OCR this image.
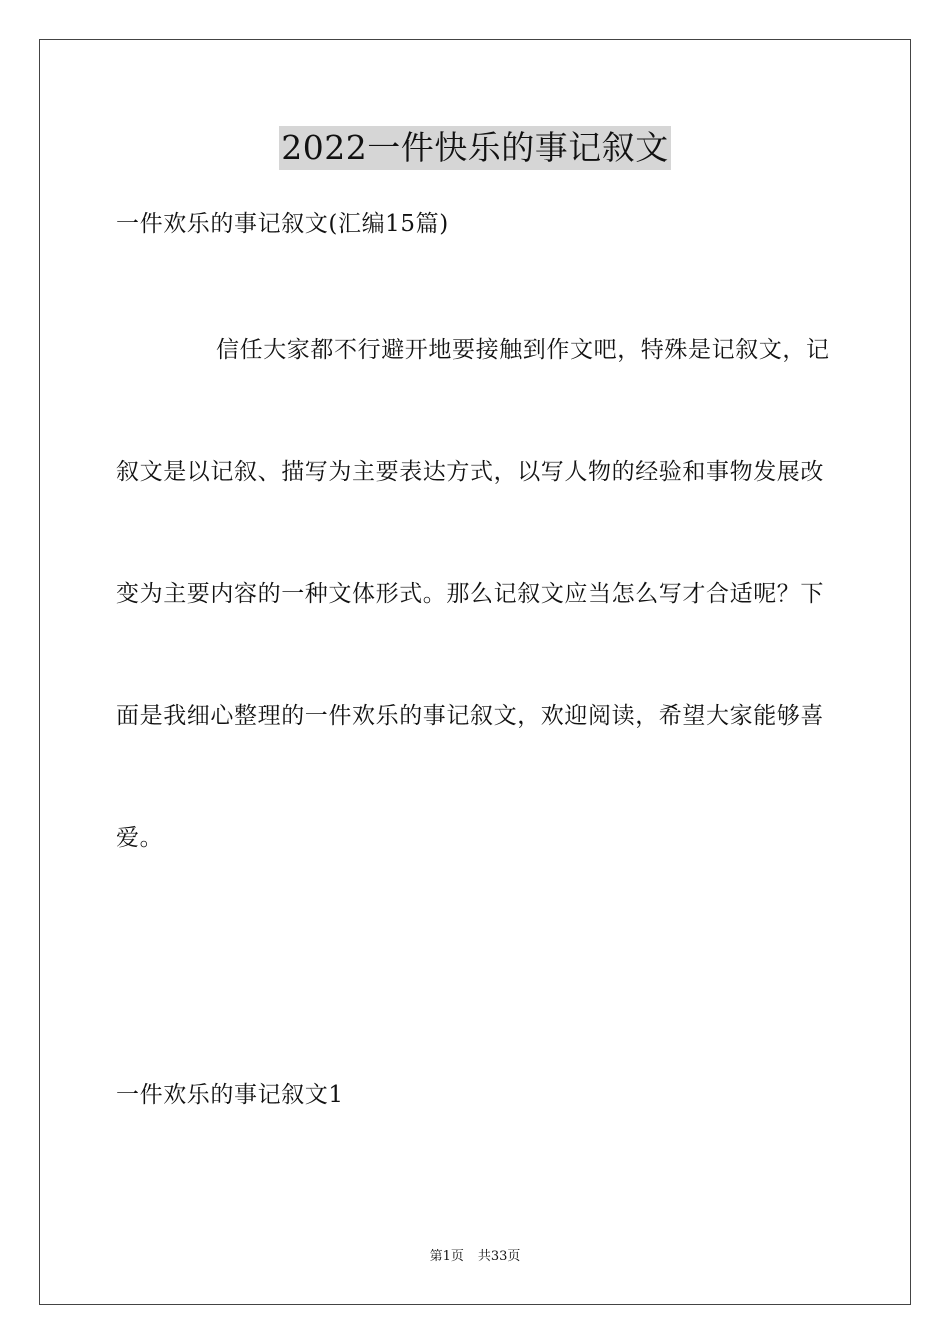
2022一件快乐的事记叙文
一件欢乐的事记叙文(汇编15篇)
信任大家都不行避开地要接触到作文吧，特殊是记叙文，记
叙文是以记叙、描写为主要表达方式，以写人物的经验和事物发展改
变为主要内容的一种文体形式。那么记叙文应当怎么写才合适呢？下
面是我细心整理的一件欢乐的事记叙文，欢迎阅读，希望大家能够喜
爱。
一件欢乐的事记叙文1
第1页 共33页
